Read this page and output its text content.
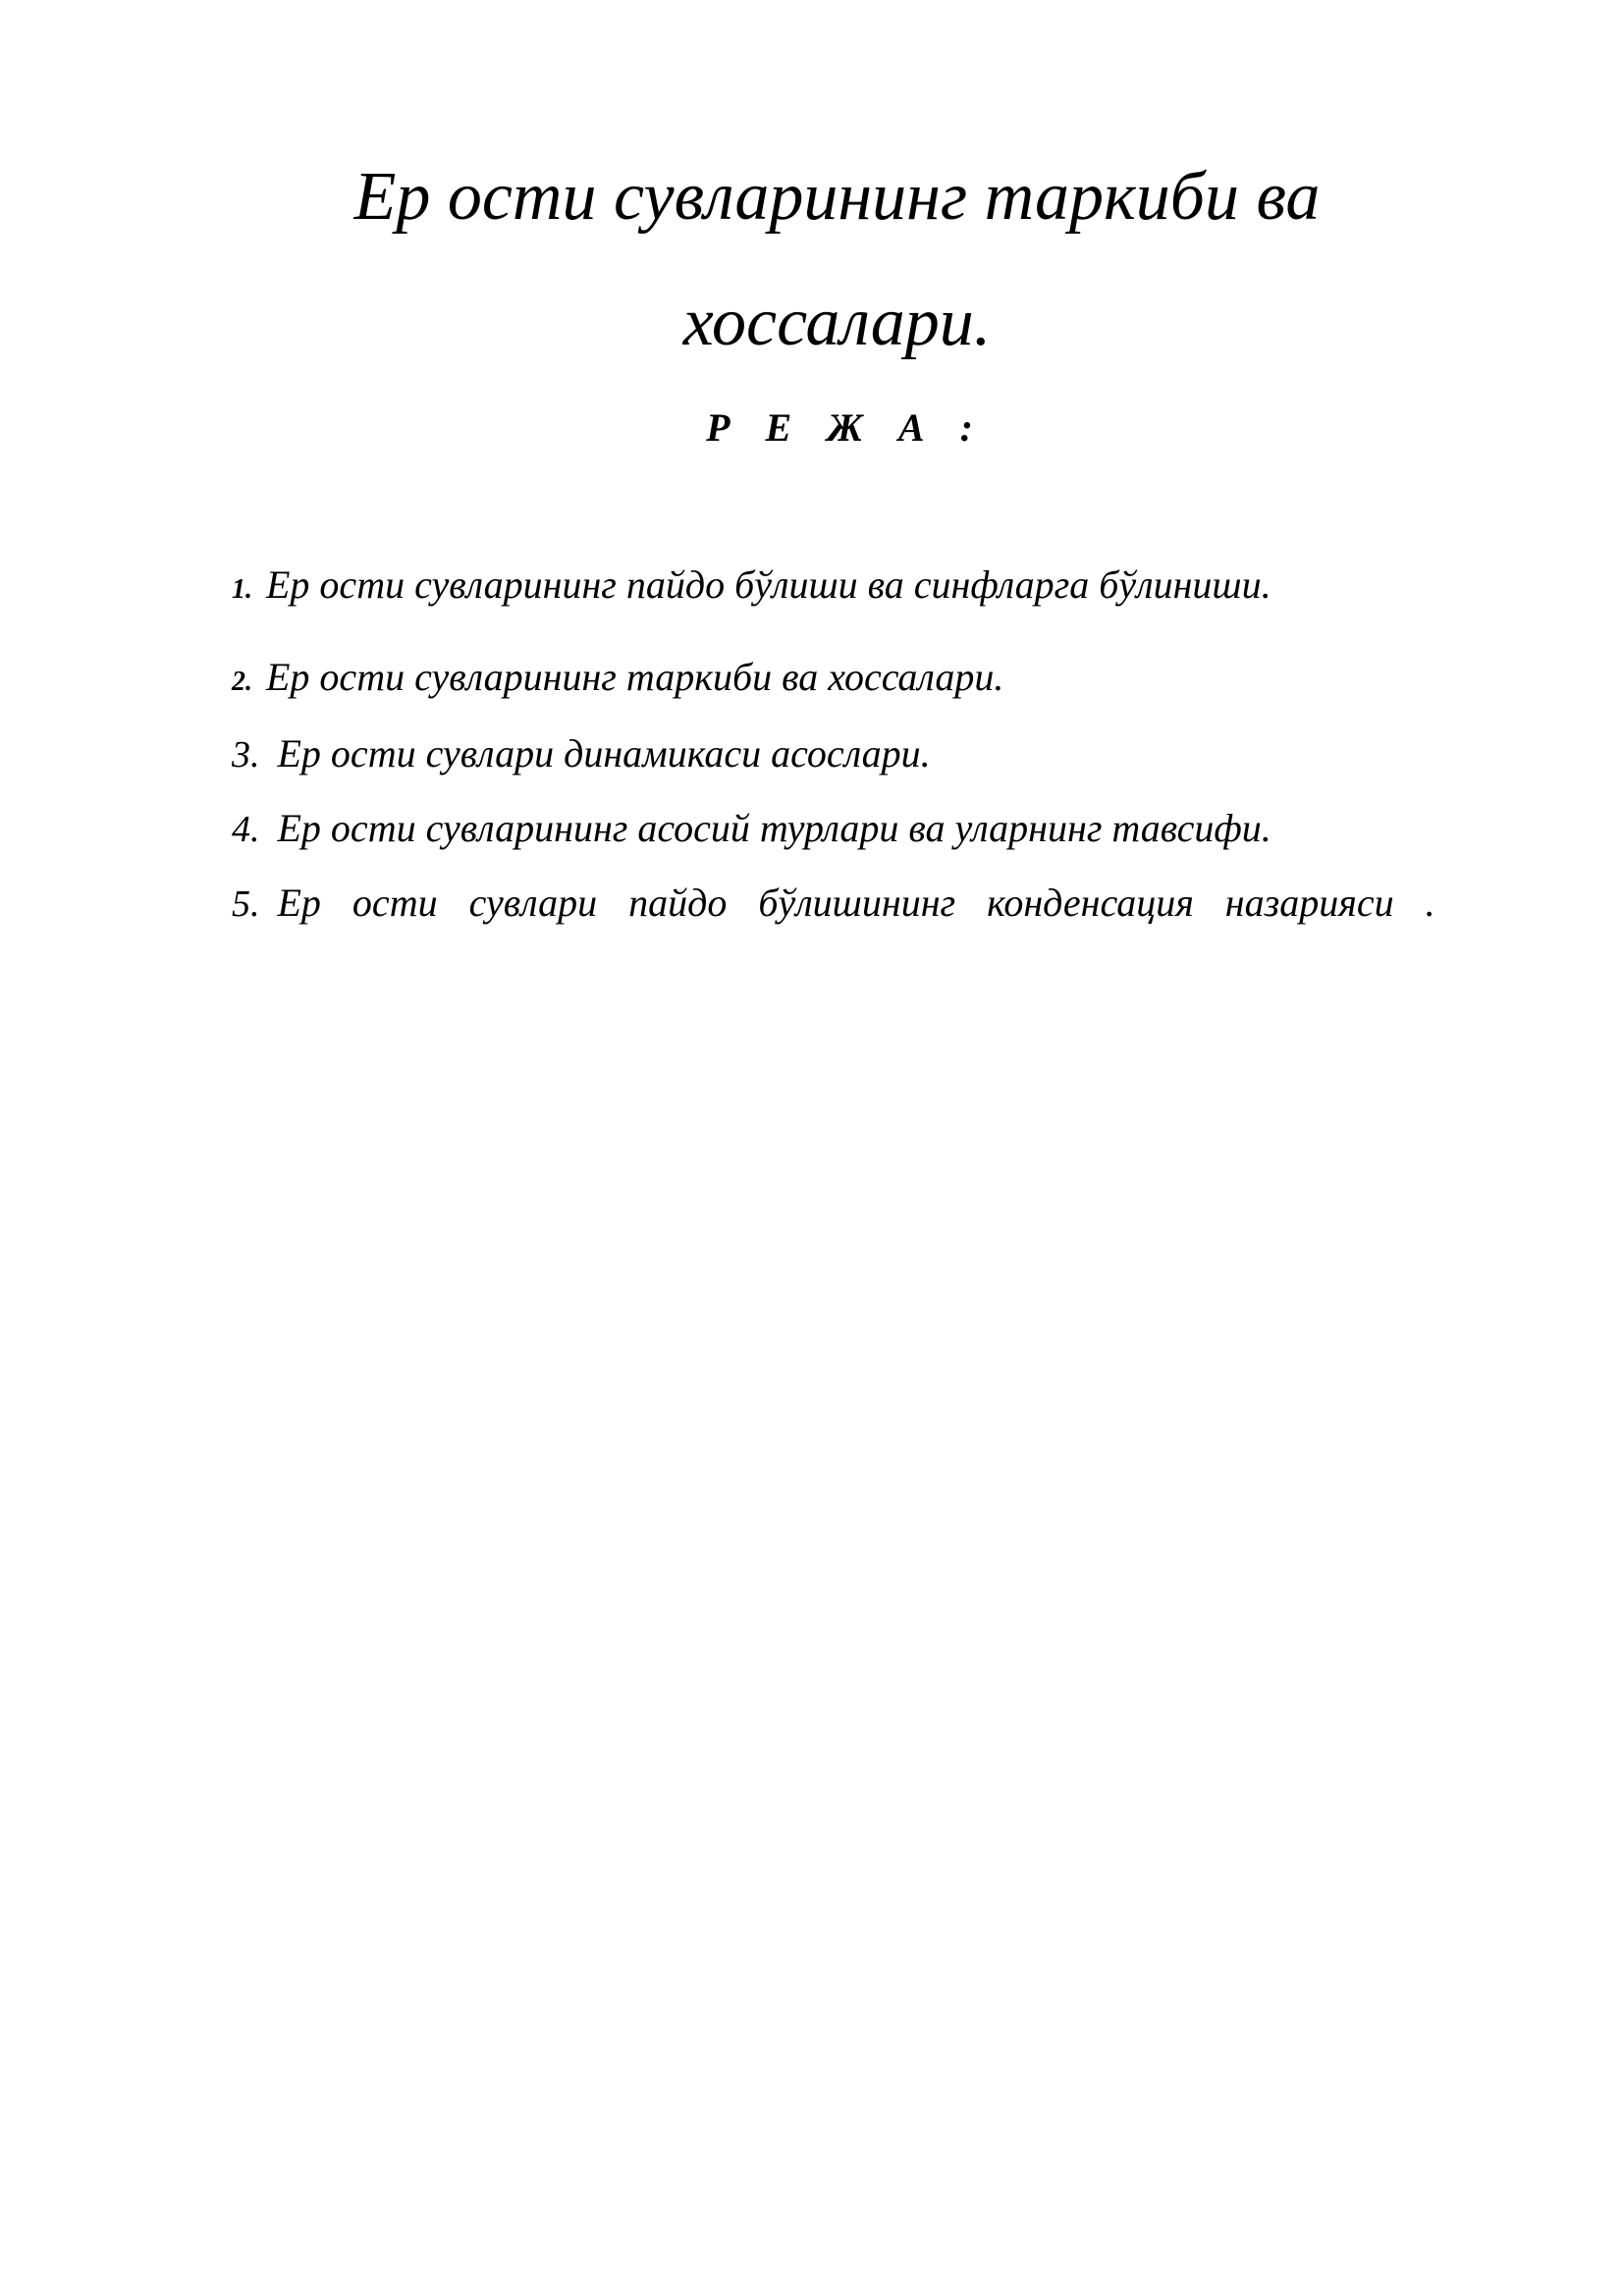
Ер ости сувларининг таркиби ва
хоссалари.
Р Е Ж А :
1. Ер ости сувларининг пайдо бўлиши ва синфларга бўлиниши.
2. Ер ости сувларининг таркиби ва хоссалари.
3. Ер ости сувлари динамикаси асослари.
4. Ер ости сувларининг асосий турлари ва уларнинг тавсифи.
5. Ер ости сувлари пайдо бўлишининг конденсация назарияси .
